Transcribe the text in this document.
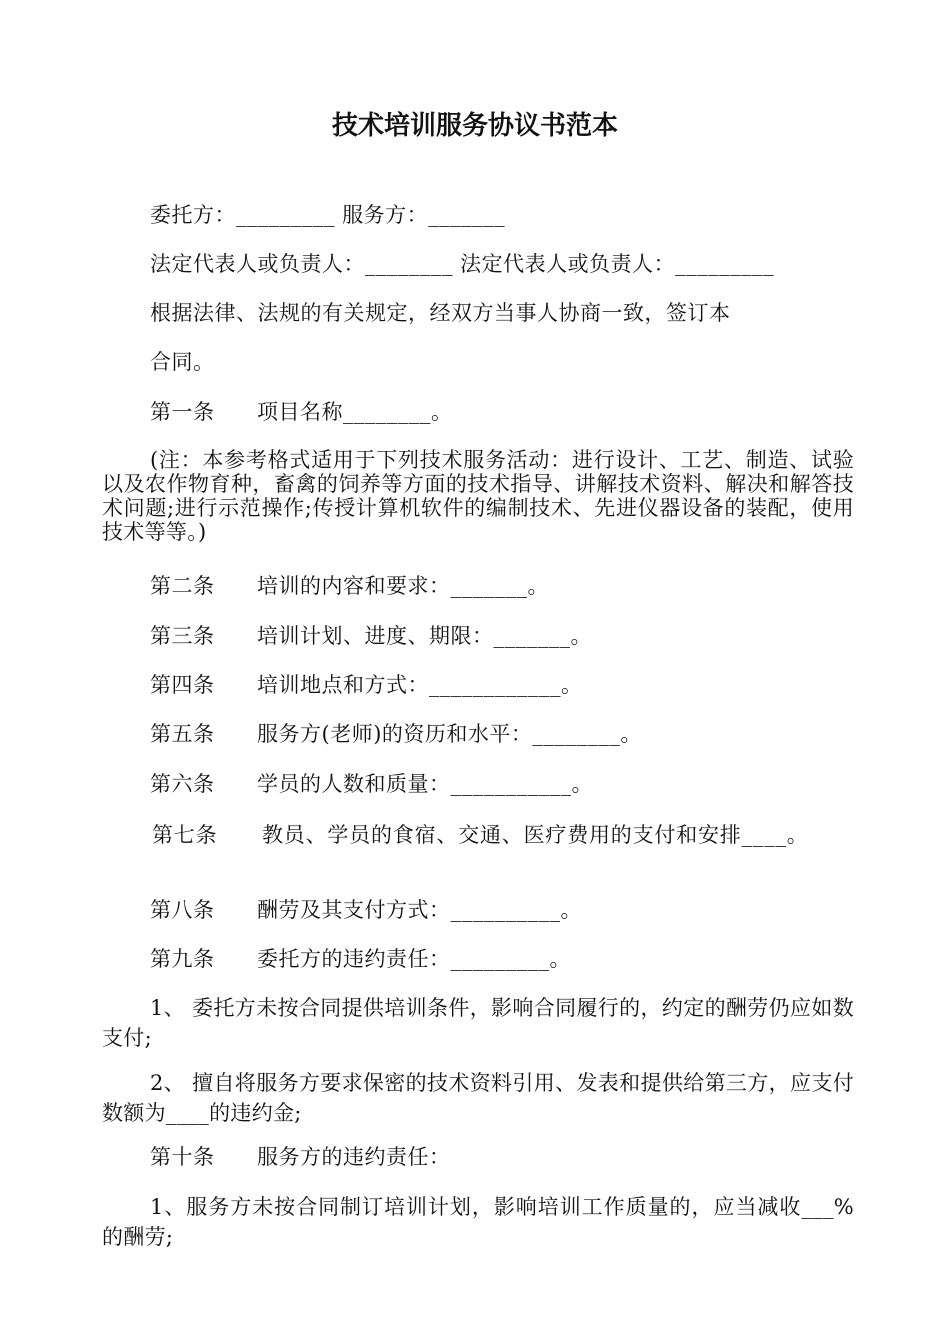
技术培训服务协议书范本
委托方：_________ 服务方：_______
法定代表人或负责人：________ 法定代表人或负责人：_________
根据法律、法规的有关规定，经双方当事人协商一致，签订本
合同。
第一条 项目名称________。
(注：本参考格式适用于下列技术服务活动：进行设计、工艺、制造、试验以及农作物育种，畜禽的饲养等方面的技术指导、讲解技术资料、解决和解答技术问题;进行示范操作;传授计算机软件的编制技术、先进仪器设备的装配，使用技术等等。)
第二条 培训的内容和要求：_______。
第三条 培训计划、进度、期限：_______。
第四条 培训地点和方式：____________。
第五条 服务方(老师)的资历和水平：________。
第六条 学员的人数和质量：___________。
第七条 教员、学员的食宿、交通、医疗费用的支付和安排____。
第八条 酬劳及其支付方式：__________。
第九条 委托方的违约责任：_________。
1、 委托方未按合同提供培训条件，影响合同履行的，约定的酬劳仍应如数支付;
2、 擅自将服务方要求保密的技术资料引用、发表和提供给第三方，应支付数额为____的违约金;
第十条 服务方的违约责任：
1、服务方未按合同制订培训计划，影响培训工作质量的，应当减收___%的酬劳;
